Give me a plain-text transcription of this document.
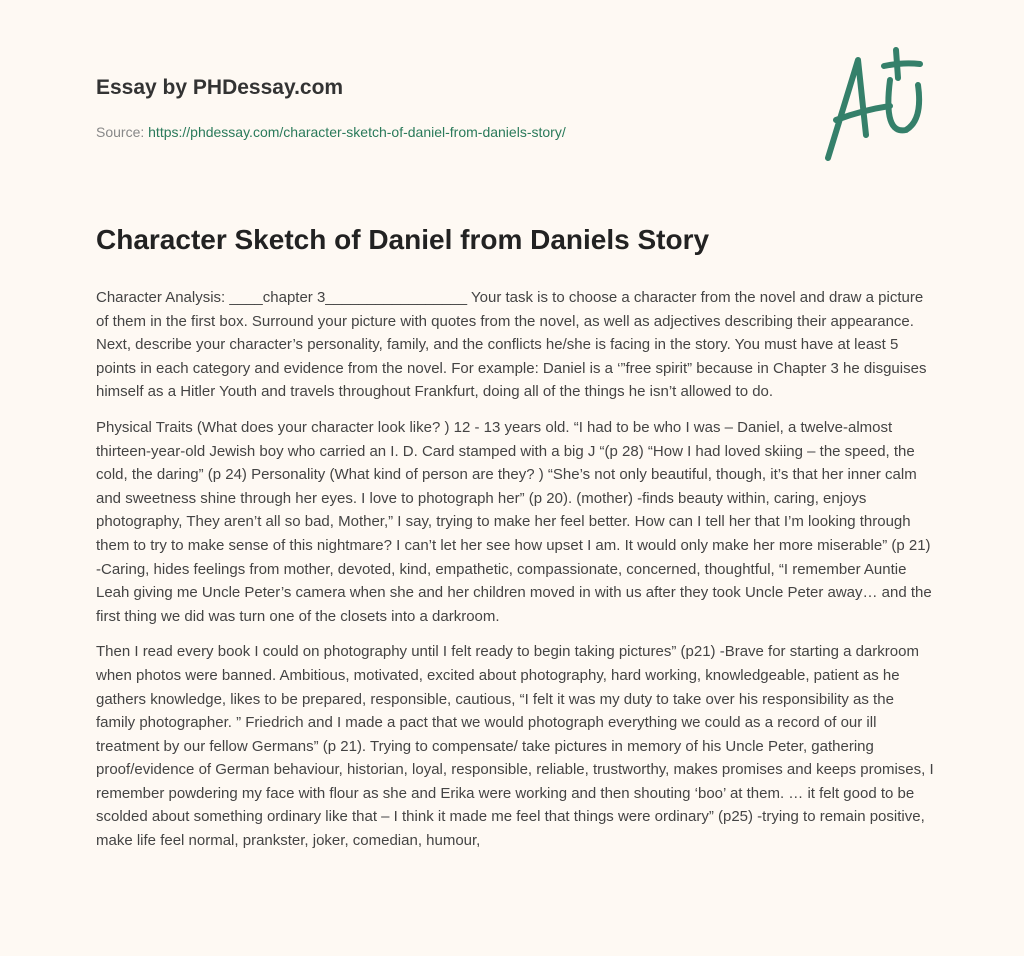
Essay by PHDessay.com
Source: https://phdessay.com/character-sketch-of-daniel-from-daniels-story/
Character Sketch of Daniel from Daniels Story

Character Analysis: ____chapter 3_________________ Your task is to choose a character from the novel and draw a picture of them in the first box. Surround your picture with quotes from the novel, as well as adjectives describing their appearance. Next, describe your character’s personality, family, and the conflicts he/she is facing in the story. You must have at least 5 points in each category and evidence from the novel. For example: Daniel is a ‘”free spirit” because in Chapter 3 he disguises himself as a Hitler Youth and travels throughout Frankfurt, doing all of the things he isn’t allowed to do.

Physical Traits (What does your character look like? ) 12 - 13 years old. “I had to be who I was – Daniel, a twelve-almost thirteen-year-old Jewish boy who carried an I. D. Card stamped with a big J “(p 28) “How I had loved skiing – the speed, the cold, the daring” (p 24) Personality (What kind of person are they? ) “She’s not only beautiful, though, it’s that her inner calm and sweetness shine through her eyes. I love to photograph her” (p 20). (mother) -finds beauty within, caring, enjoys photography, They aren’t all so bad, Mother,” I say, trying to make her feel better. How can I tell her that I’m looking through them to try to make sense of this nightmare? I can’t let her see how upset I am. It would only make her more miserable” (p 21) -Caring, hides feelings from mother, devoted, kind, empathetic, compassionate, concerned, thoughtful, “I remember Auntie Leah giving me Uncle Peter’s camera when she and her children moved in with us after they took Uncle Peter away… and the first thing we did was turn one of the closets into a darkroom.

Then I read every book I could on photography until I felt ready to begin taking pictures” (p21) -Brave for starting a darkroom when photos were banned. Ambitious, motivated, excited about photography, hard working, knowledgeable, patient as he gathers knowledge, likes to be prepared, responsible, cautious, “I felt it was my duty to take over his responsibility as the family photographer. ” Friedrich and I made a pact that we would photograph everything we could as a record of our ill treatment by our fellow Germans” (p 21). Trying to compensate/ take pictures in memory of his Uncle Peter, gathering proof/evidence of German behaviour, historian, loyal, responsible, reliable, trustworthy, makes promises and keeps promises, I remember powdering my face with flour as she and Erika were working and then shouting ‘boo’ at them. … it felt good to be scolded about something ordinary like that – I think it made me feel that things were ordinary” (p25) -trying to remain positive, make life feel normal, prankster, joker, comedian, humour,
